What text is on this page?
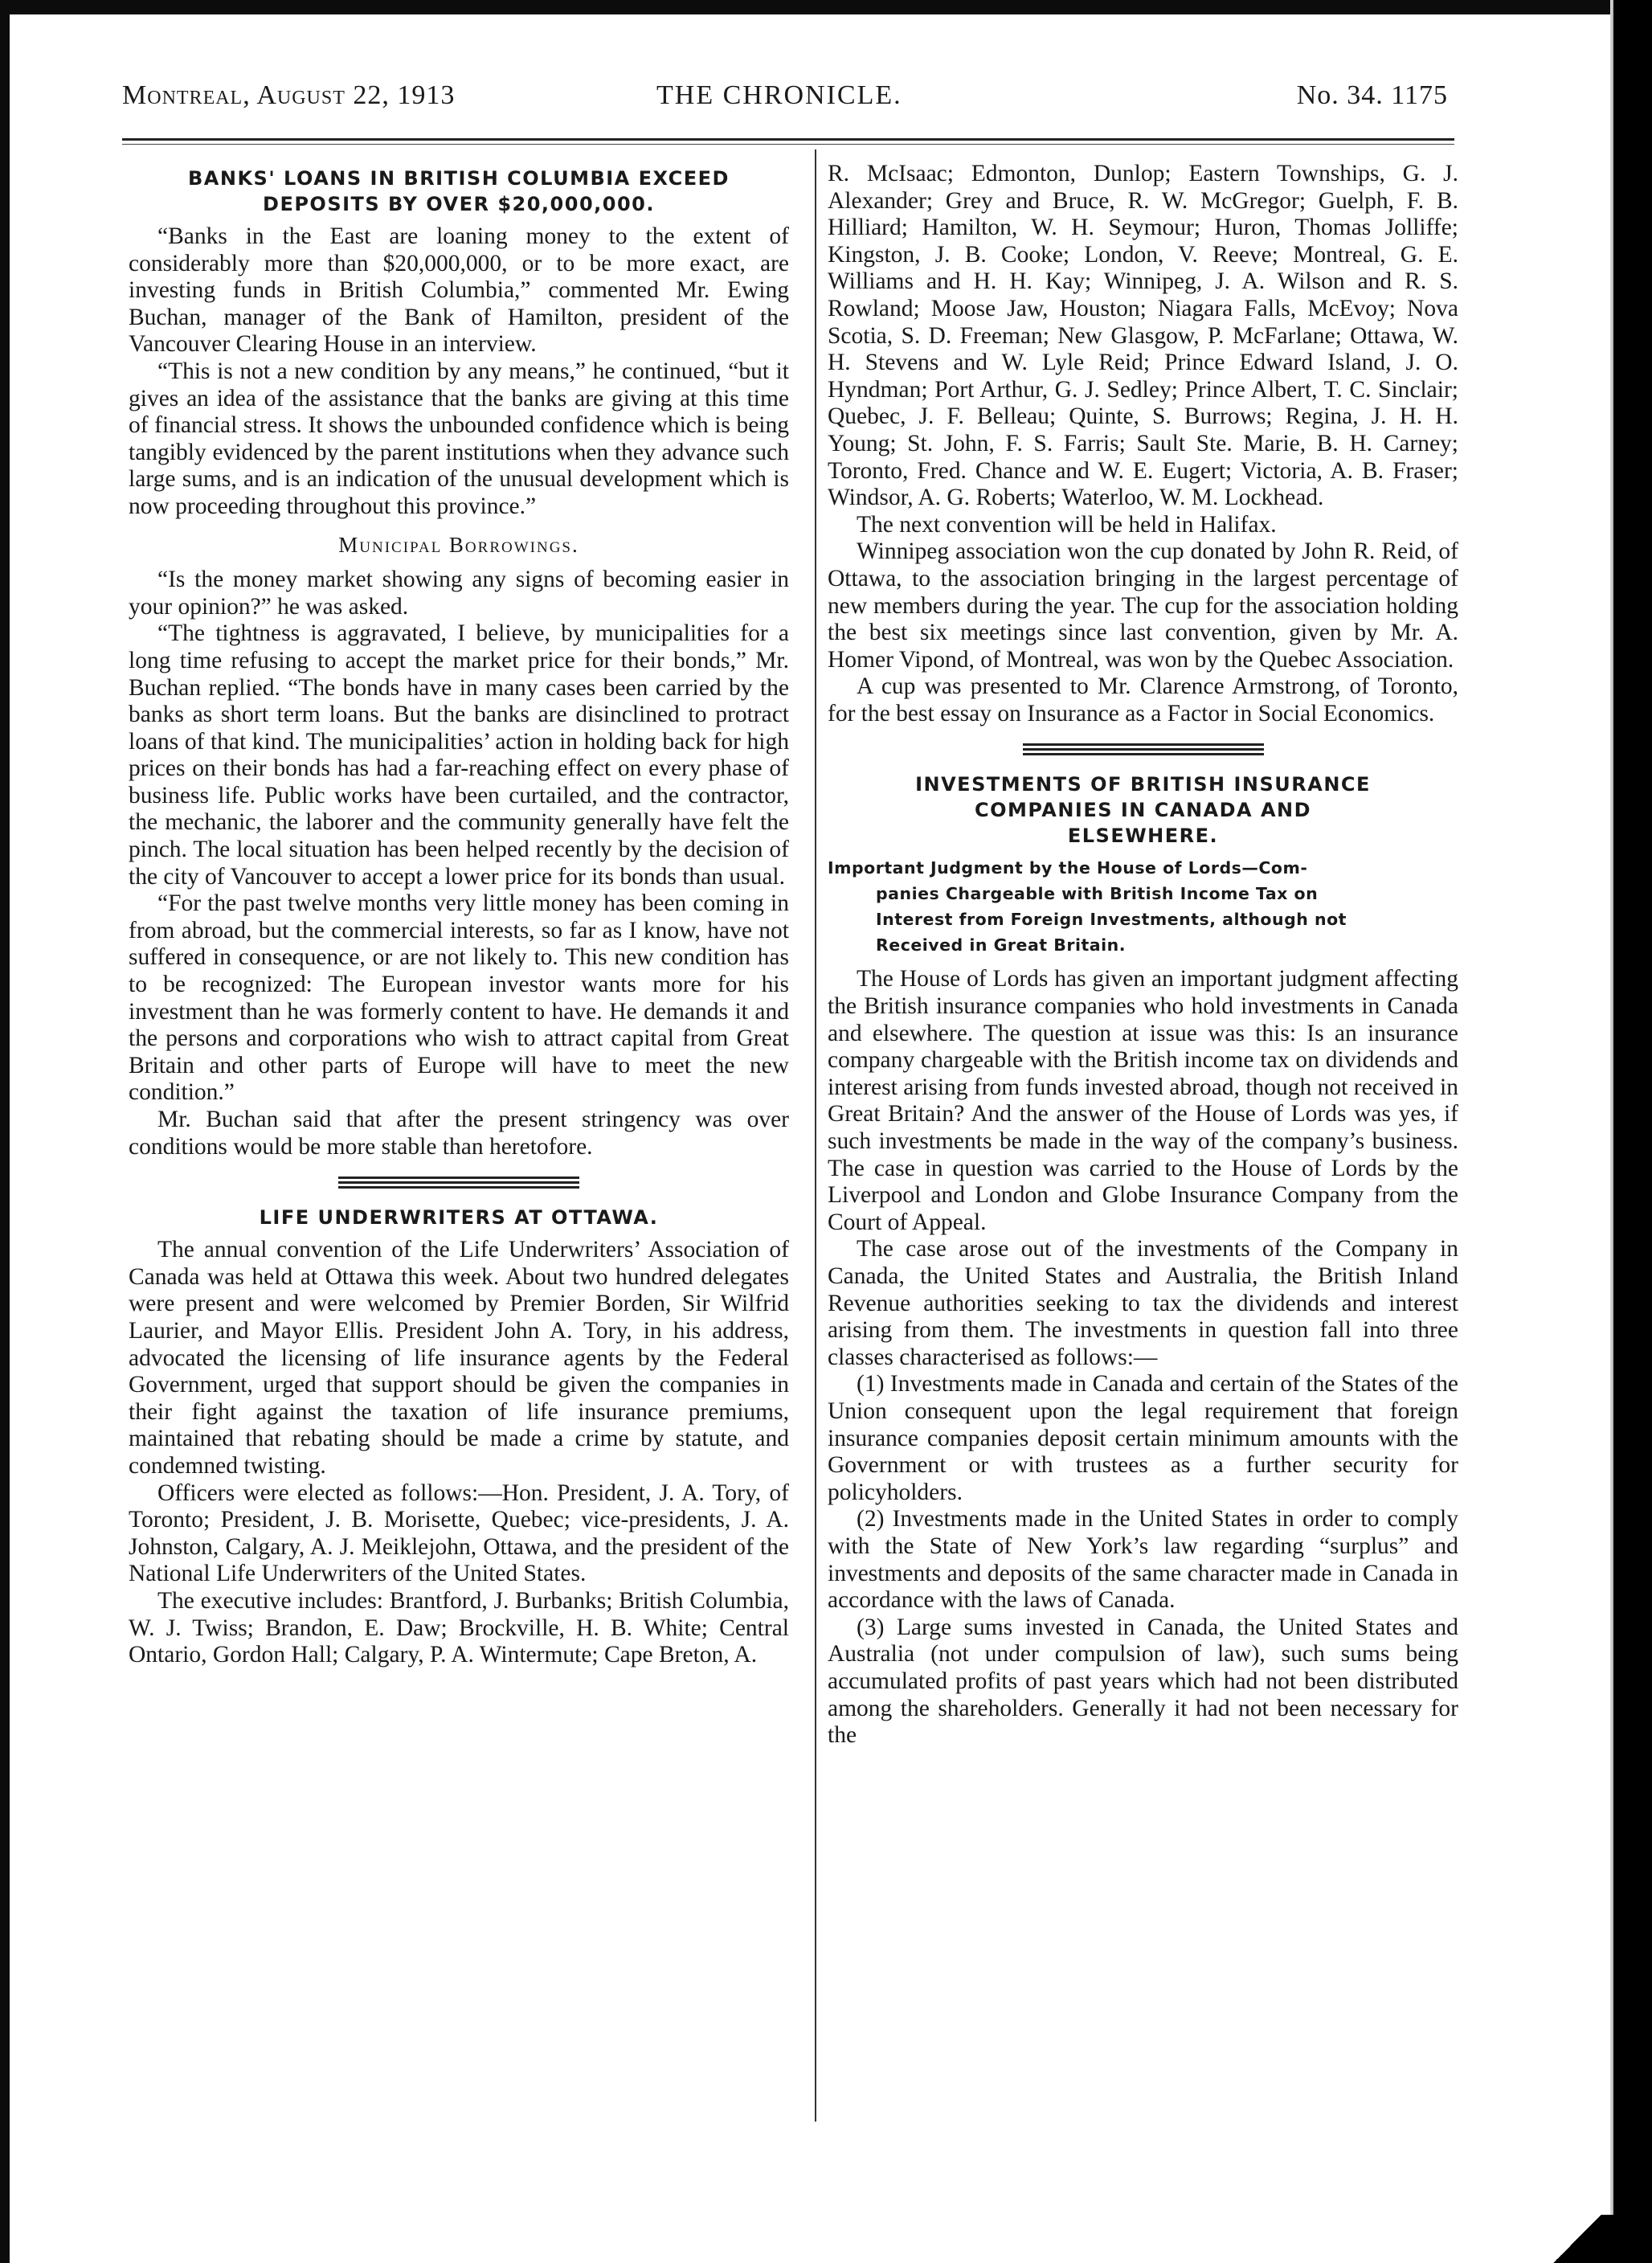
Montreal, August 22, 1913	THE CHRONICLE.	No. 34. 1175
BANKS' LOANS IN BRITISH COLUMBIA EXCEED DEPOSITS BY OVER $20,000,000.

“Banks in the East are loaning money to the extent of considerably more than $20,000,000, or to be more exact, are investing funds in British Columbia,” commented Mr. Ewing Buchan, manager of the Bank of Hamilton, president of the Vancouver Clearing House in an interview.

“This is not a new condition by any means,” he continued, “but it gives an idea of the assistance that the banks are giving at this time of financial stress. It shows the unbounded confidence which is being tangibly evidenced by the parent institutions when they advance such large sums, and is an indication of the unusual development which is now proceeding throughout this province.”

Municipal Borrowings.

“Is the money market showing any signs of becoming easier in your opinion?” he was asked.

“The tightness is aggravated, I believe, by municipalities for a long time refusing to accept the market price for their bonds,” Mr. Buchan replied. “The bonds have in many cases been carried by the banks as short term loans. But the banks are disinclined to protract loans of that kind. The municipalities’ action in holding back for high prices on their bonds has had a far-reaching effect on every phase of business life. Public works have been curtailed, and the contractor, the mechanic, the laborer and the community generally have felt the pinch. The local situation has been helped recently by the decision of the city of Vancouver to accept a lower price for its bonds than usual.

“For the past twelve months very little money has been coming in from abroad, but the commercial interests, so far as I know, have not suffered in consequence, or are not likely to. This new condition has to be recognized: The European investor wants more for his investment than he was formerly content to have. He demands it and the persons and corporations who wish to attract capital from Great Britain and other parts of Europe will have to meet the new condition.”

Mr. Buchan said that after the present stringency was over conditions would be more stable than heretofore.

LIFE UNDERWRITERS AT OTTAWA.

The annual convention of the Life Underwriters’ Association of Canada was held at Ottawa this week. About two hundred delegates were present and were welcomed by Premier Borden, Sir Wilfrid Laurier, and Mayor Ellis. President John A. Tory, in his address, advocated the licensing of life insurance agents by the Federal Government, urged that support should be given the companies in their fight against the taxation of life insurance premiums, maintained that rebating should be made a crime by statute, and condemned twisting.

Officers were elected as follows:—Hon. President, J. A. Tory, of Toronto; President, J. B. Morisette, Quebec; vice-presidents, J. A. Johnston, Calgary, A. J. Meiklejohn, Ottawa, and the president of the National Life Underwriters of the United States.

The executive includes: Brantford, J. Burbanks; British Columbia, W. J. Twiss; Brandon, E. Daw; Brockville, H. B. White; Central Ontario, Gordon Hall; Calgary, P. A. Wintermute; Cape Breton, A.

R. McIsaac; Edmonton, Dunlop; Eastern Townships, G. J. Alexander; Grey and Bruce, R. W. McGregor; Guelph, F. B. Hilliard; Hamilton, W. H. Seymour; Huron, Thomas Jolliffe; Kingston, J. B. Cooke; London, V. Reeve; Montreal, G. E. Williams and H. H. Kay; Winnipeg, J. A. Wilson and R. S. Rowland; Moose Jaw, Houston; Niagara Falls, McEvoy; Nova Scotia, S. D. Freeman; New Glasgow, P. McFarlane; Ottawa, W. H. Stevens and W. Lyle Reid; Prince Edward Island, J. O. Hyndman; Port Arthur, G. J. Sedley; Prince Albert, T. C. Sinclair; Quebec, J. F. Belleau; Quinte, S. Burrows; Regina, J. H. H. Young; St. John, F. S. Farris; Sault Ste. Marie, B. H. Carney; Toronto, Fred. Chance and W. E. Eugert; Victoria, A. B. Fraser; Windsor, A. G. Roberts; Waterloo, W. M. Lockhead.

The next convention will be held in Halifax.

Winnipeg association won the cup donated by John R. Reid, of Ottawa, to the association bringing in the largest percentage of new members during the year. The cup for the association holding the best six meetings since last convention, given by Mr. A. Homer Vipond, of Montreal, was won by the Quebec Association.

A cup was presented to Mr. Clarence Armstrong, of Toronto, for the best essay on Insurance as a Factor in Social Economics.

INVESTMENTS OF BRITISH INSURANCE
COMPANIES IN CANADA AND
ELSEWHERE.
Important Judgment by the House of Lords—Com-
panies Chargeable with British Income Tax on
Interest from Foreign Investments, although not
Received in Great Britain.

The House of Lords has given an important judgment affecting the British insurance companies who hold investments in Canada and elsewhere. The question at issue was this: Is an insurance company chargeable with the British income tax on dividends and interest arising from funds invested abroad, though not received in Great Britain? And the answer of the House of Lords was yes, if such investments be made in the way of the company’s business. The case in question was carried to the House of Lords by the Liverpool and London and Globe Insurance Company from the Court of Appeal.

The case arose out of the investments of the Company in Canada, the United States and Australia, the British Inland Revenue authorities seeking to tax the dividends and interest arising from them. The investments in question fall into three classes characterised as follows:—

(1) Investments made in Canada and certain of the States of the Union consequent upon the legal requirement that foreign insurance companies deposit certain minimum amounts with the Government or with trustees as a further security for policyholders.

(2) Investments made in the United States in order to comply with the State of New York’s law regarding “surplus” and investments and deposits of the same character made in Canada in accordance with the laws of Canada.

(3) Large sums invested in Canada, the United States and Australia (not under compulsion of law), such sums being accumulated profits of past years which had not been distributed among the shareholders. Generally it had not been necessary for the
